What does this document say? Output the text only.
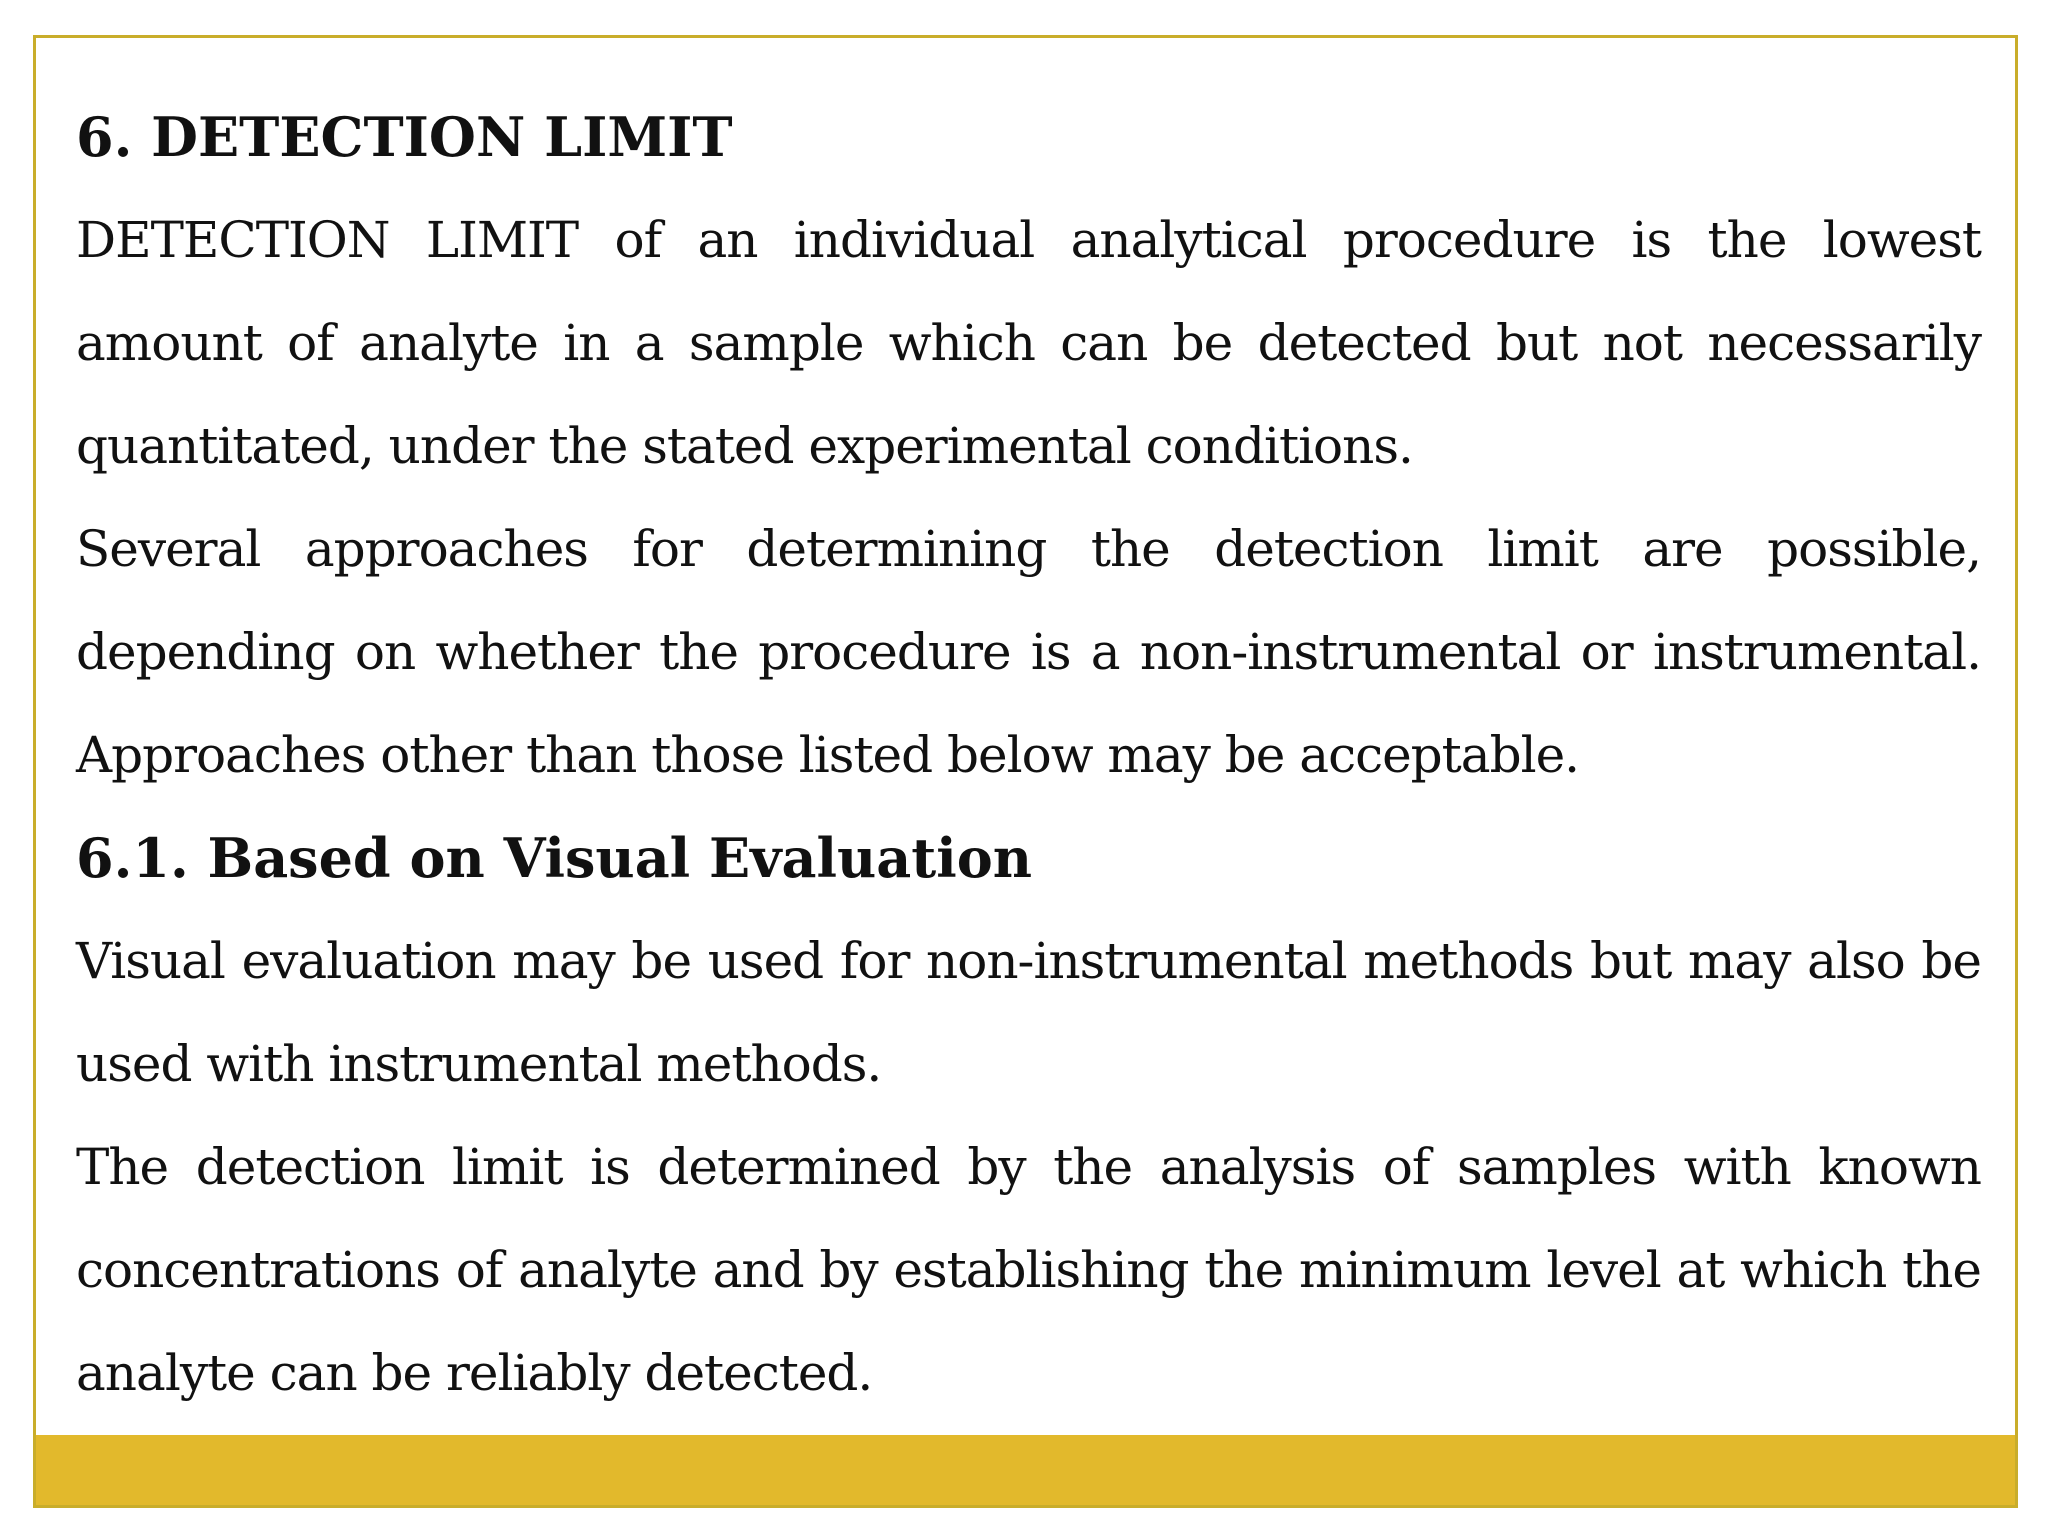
6. DETECTION LIMIT

DETECTION LIMIT of an individual analytical procedure is the lowest amount of analyte in a sample which can be detected but not necessarily quantitated, under the stated experimental conditions.

Several approaches for determining the detection limit are possible, depending on whether the procedure is a non-instrumental or instrumental. Approaches other than those listed below may be acceptable.

6.1. Based on Visual Evaluation

Visual evaluation may be used for non-instrumental methods but may also be used with instrumental methods.

The detection limit is determined by the analysis of samples with known concentrations of analyte and by establishing the minimum level at which the analyte can be reliably detected.
